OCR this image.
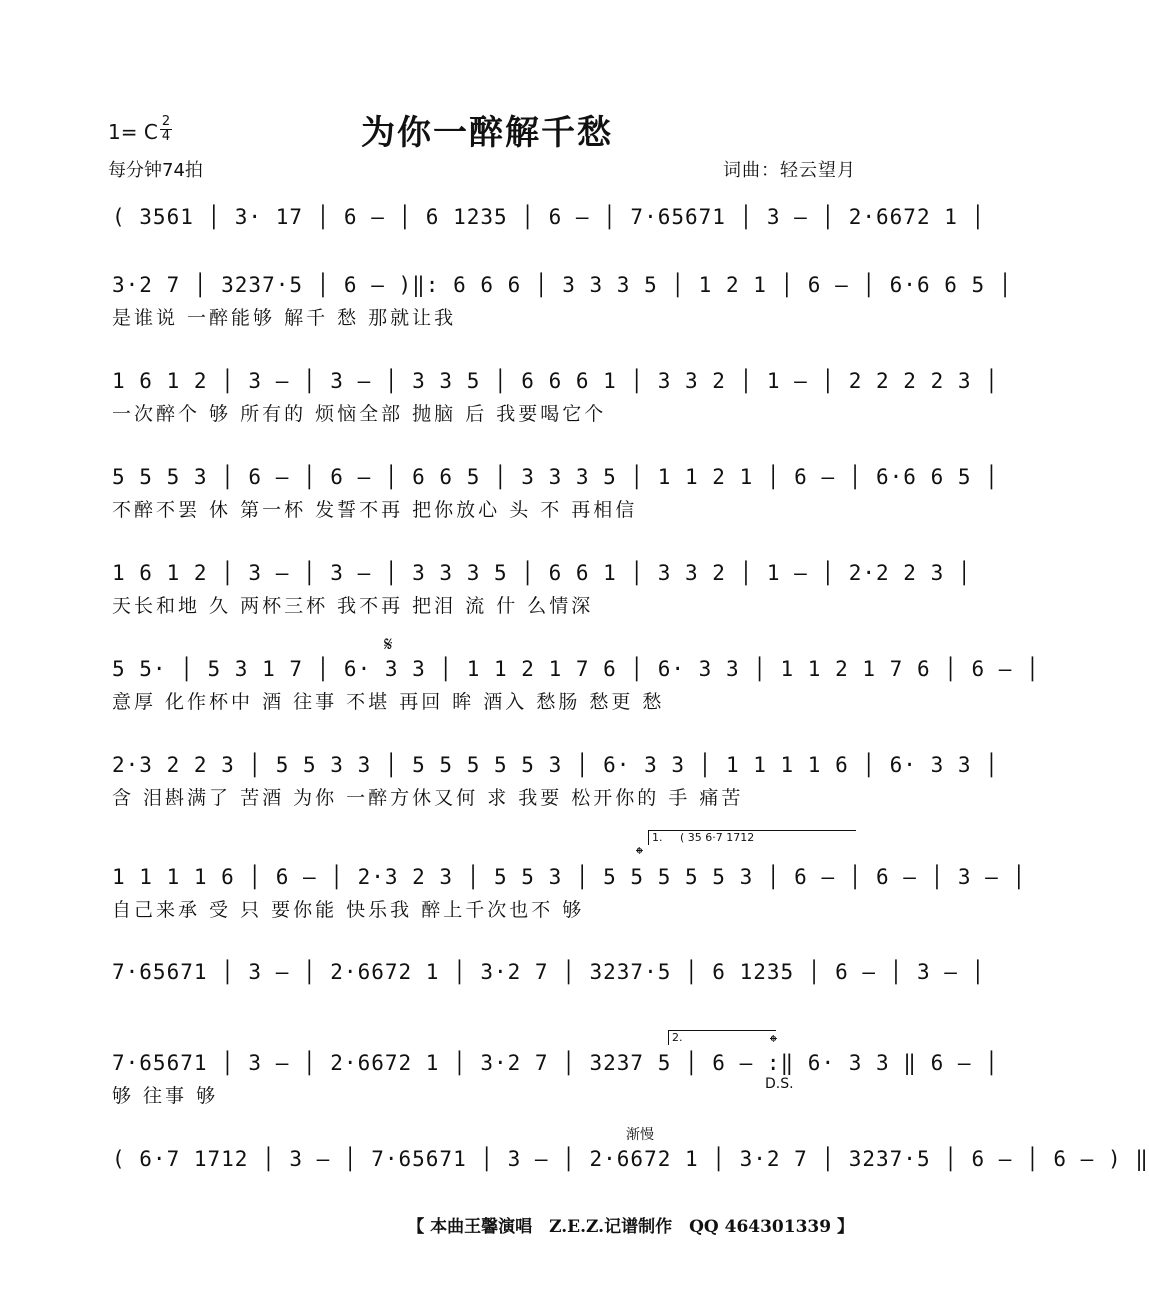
为你一醉解千愁
1= C 2
4
每分钟74拍	词曲：轻云望月
( 3561 │ 3· 17 │ 6 — │ 6 1235 │ 6 — │ 7·65671 │ 3 — │ 2·6672 1 │
3·2 7 │ 3237·5 │ 6 — )‖: 6 6 6 │ 3 3 3 5 │ 1 2 1 │ 6 — │ 6·6 6 5 │
是谁说 一醉能够 解千 愁 那就让我
1 6 1 2 │ 3 — │ 3 — │ 3 3 5 │ 6 6 6 1 │ 3 3 2 │ 1 — │ 2 2 2 2 3 │
一次醉个 够 所有的 烦恼全部 抛脑 后 我要喝它个
5 5 5 3 │ 6 — │ 6 — │ 6 6 5 │ 3 3 3 5 │ 1 1 2 1 │ 6 — │ 6·6 6 5 │
不醉不罢 休 第一杯 发誓不再 把你放心 头 不 再相信
1 6 1 2 │ 3 — │ 3 — │ 3 3 3 5 │ 6 6 1 │ 3 3 2 │ 1 — │ 2·2 2 3 │
天长和地 久 两杯三杯 我不再 把泪 流 什 么情深
5 5· │ 5 3 1 7 │ 6· 3 3 │ 1 1 2 1 7 6 │ 6· 3 3 │ 1 1 2 1 7 6 │ 6 — │
意厚 化作杯中 酒 往事 不堪 再回 眸 酒入 愁肠 愁更 愁
2·3 2 2 3 │ 5 5 3 3 │ 5 5 5 5 5 3 │ 6· 3 3 │ 1 1 1 1 6 │ 6· 3 3 │
含 泪斟满了 苦酒 为你 一醉方休又何 求 我要 松开你的 手 痛苦
1 1 1 1 6 │ 6 — │ 2·3 2 3 │ 5 5 3 │ 5 5 5 5 5 3 │ 6 — │ 6 — │ 3 — │
自己来承 受 只 要你能 快乐我 醉上千次也不 够
7·65671 │ 3 — │ 2·6672 1 │ 3·2 7 │ 3237·5 │ 6 1235 │ 6 — │ 3 — │
7·65671 │ 3 — │ 2·6672 1 │ 3·2 7 │ 3237 5 │ 6 — :‖ 6· 3 3 ‖ 6 — │
够 往事 够
( 6·7 1712 │ 3 — │ 7·65671 │ 3 — │ 2·6672 1 │ 3·2 7 │ 3237·5 │ 6 — │ 6 — ) ‖
𝄋
1. ( 35 6·7 1712
𝄌
2.	𝄌
D.S.
渐慢
【 本曲王馨演唱　Z.E.Z.记谱制作　QQ 464301339 】
